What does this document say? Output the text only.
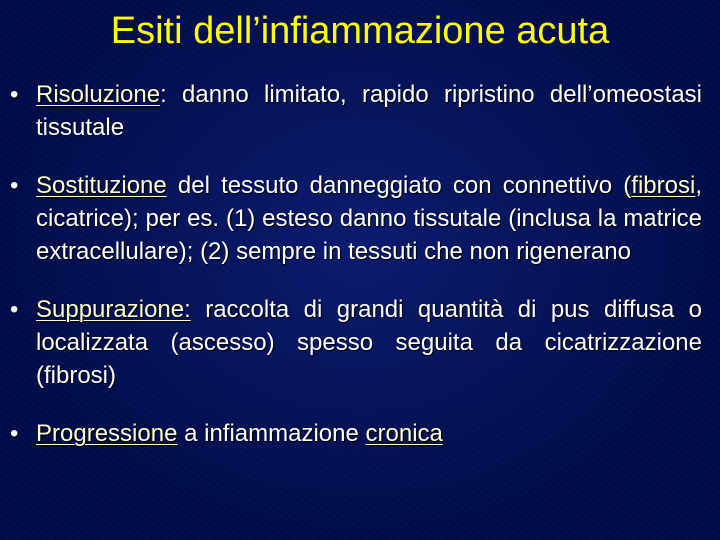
Esiti dell’infiammazione acuta
• Risoluzione: danno limitato, rapido ripristino dell’omeostasi tissutale
• Sostituzione del tessuto danneggiato con connettivo (fibrosi, cicatrice); per es. (1) esteso danno tissutale (inclusa la matrice extracellulare); (2) sempre in tessuti che non rigenerano
• Suppurazione: raccolta di grandi quantità di pus diffusa o localizzata (ascesso) spesso seguita da cicatrizzazione (fibrosi)
• Progressione a infiammazione cronica
